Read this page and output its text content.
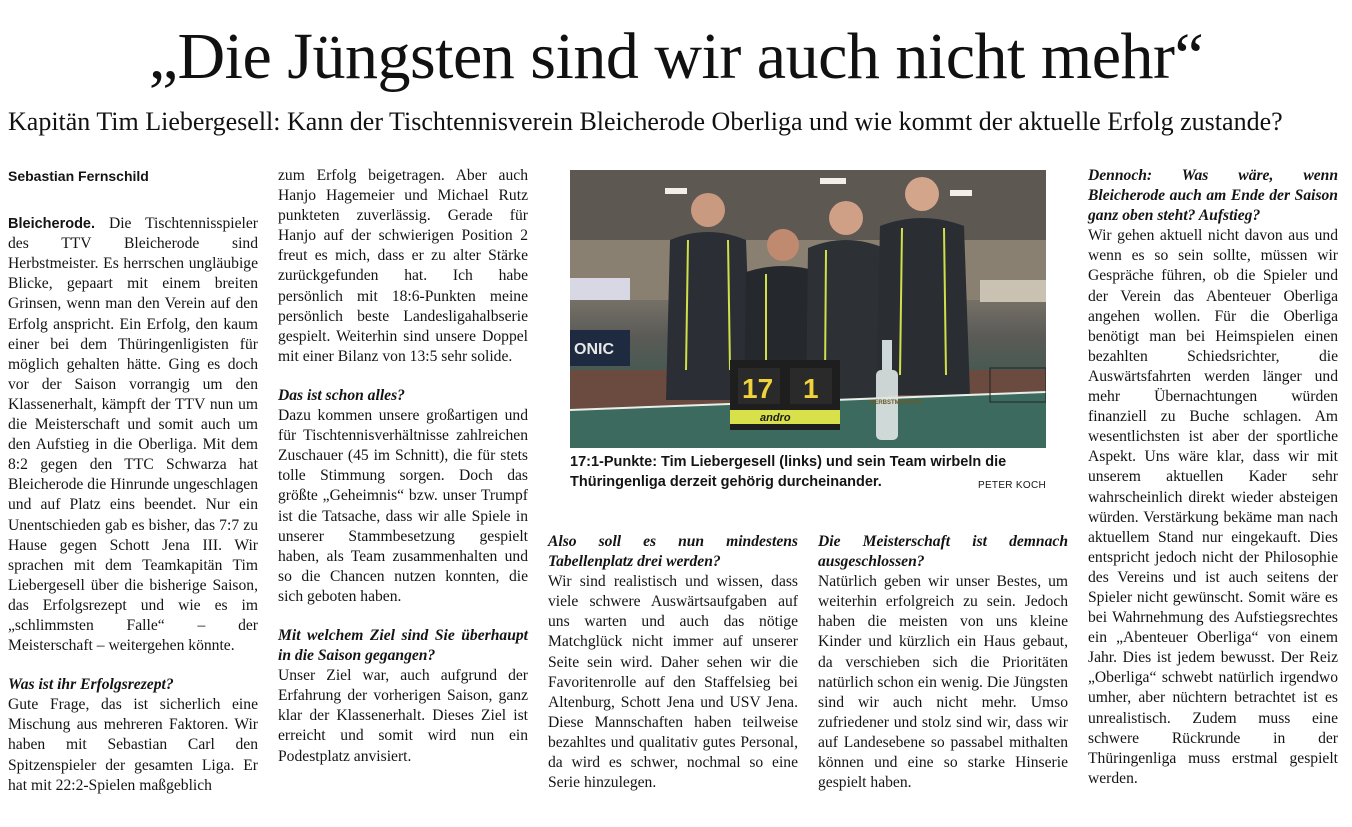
„Die Jüngsten sind wir auch nicht mehr“
Kapitän Tim Liebergesell: Kann der Tischtennisverein Bleicherode Oberliga und wie kommt der aktuelle Erfolg zustande?

Sebastian Fernschild

Bleicherode. Die Tischtennisspieler des TTV Bleicherode sind Herbstmeister. Es herrschen ungläubige Blicke, gepaart mit einem breiten Grinsen, wenn man den Verein auf den Erfolg anspricht. Ein Erfolg, den kaum einer bei dem Thüringenligisten für möglich gehalten hätte. Ging es doch vor der Saison vorrangig um den Klassenerhalt, kämpft der TTV nun um die Meisterschaft und somit auch um den Aufstieg in die Oberliga. Mit dem 8:2 gegen den TTC Schwarza hat Bleicherode die Hinrunde ungeschlagen und auf Platz eins beendet. Nur ein Unentschieden gab es bisher, das 7:7 zu Hause gegen Schott Jena III. Wir sprachen mit dem Teamkapitän Tim Liebergesell über die bisherige Saison, das Erfolgsrezept und wie es im „schlimmsten Falle“ – der Meisterschaft – weitergehen könnte.

Was ist ihr Erfolgsrezept?

Gute Frage, das ist sicherlich eine Mischung aus mehreren Faktoren. Wir haben mit Sebastian Carl den Spitzenspieler der gesamten Liga. Er hat mit 22:2-Spielen maßgeblich

zum Erfolg beigetragen. Aber auch Hanjo Hagemeier und Michael Rutz punkteten zuverlässig. Gerade für Hanjo auf der schwierigen Position 2 freut es mich, dass er zu alter Stärke zurückgefunden hat. Ich habe persönlich mit 18:6-Punkten meine persönlich beste Landesligahalbserie gespielt. Weiterhin sind unsere Doppel mit einer Bilanz von 13:5 sehr solide.

Das ist schon alles?

Dazu kommen unsere großartigen und für Tischtennisverhältnisse zahlreichen Zuschauer (45 im Schnitt), die für stets tolle Stimmung sorgen. Doch das größte „Geheimnis“ bzw. unser Trumpf ist die Tatsache, dass wir alle Spiele in unserer Stammbesetzung gespielt haben, als Team zusammenhalten und so die Chancen nutzen konnten, die sich geboten haben.

Mit welchem Ziel sind Sie überhaupt in die Saison gegangen?

Unser Ziel war, auch aufgrund der Erfahrung der vorherigen Saison, ganz klar der Klassenerhalt. Dieses Ziel ist erreicht und somit wird nun ein Podestplatz anvisiert.

ONIC
17 1
andro
HERBSTMEISTER
17:1-Punkte: Tim Liebergesell (links) und sein Team wirbeln die Thüringenliga derzeit gehörig durcheinander.	PETER KOCH

Also soll es nun mindestens Tabellenplatz drei werden?

Wir sind realistisch und wissen, dass viele schwere Auswärtsaufgaben auf uns warten und auch das nötige Matchglück nicht immer auf unserer Seite sein wird. Daher sehen wir die Favoritenrolle auf den Staffelsieg bei Altenburg, Schott Jena und USV Jena. Diese Mannschaften haben teilweise bezahltes und qualitativ gutes Personal, da wird es schwer, nochmal so eine Serie hinzulegen.

Die Meisterschaft ist demnach ausgeschlossen?

Natürlich geben wir unser Bestes, um weiterhin erfolgreich zu sein. Jedoch haben die meisten von uns kleine Kinder und kürzlich ein Haus gebaut, da verschieben sich die Prioritäten natürlich schon ein wenig. Die Jüngsten sind wir auch nicht mehr. Umso zufriedener und stolz sind wir, dass wir auf Landesebene so passabel mithalten können und eine so starke Hinserie gespielt haben.

Dennoch: Was wäre, wenn Bleicherode auch am Ende der Saison ganz oben steht? Aufstieg?

Wir gehen aktuell nicht davon aus und wenn es so sein sollte, müssen wir Gespräche führen, ob die Spieler und der Verein das Abenteuer Oberliga angehen wollen. Für die Oberliga benötigt man bei Heimspielen einen bezahlten Schiedsrichter, die Auswärtsfahrten werden länger und mehr Übernachtungen würden finanziell zu Buche schlagen. Am wesentlichsten ist aber der sportliche Aspekt. Uns wäre klar, dass wir mit unserem aktuellen Kader sehr wahrscheinlich direkt wieder absteigen würden. Verstärkung bekäme man nach aktuellem Stand nur eingekauft. Dies entspricht jedoch nicht der Philosophie des Vereins und ist auch seitens der Spieler nicht gewünscht. Somit wäre es bei Wahrnehmung des Aufstiegsrechtes ein „Abenteuer Oberliga“ von einem Jahr. Dies ist jedem bewusst. Der Reiz „Oberliga“ schwebt natürlich irgendwo umher, aber nüchtern betrachtet ist es unrealistisch. Zudem muss eine schwere Rückrunde in der Thüringenliga muss erstmal gespielt werden.
